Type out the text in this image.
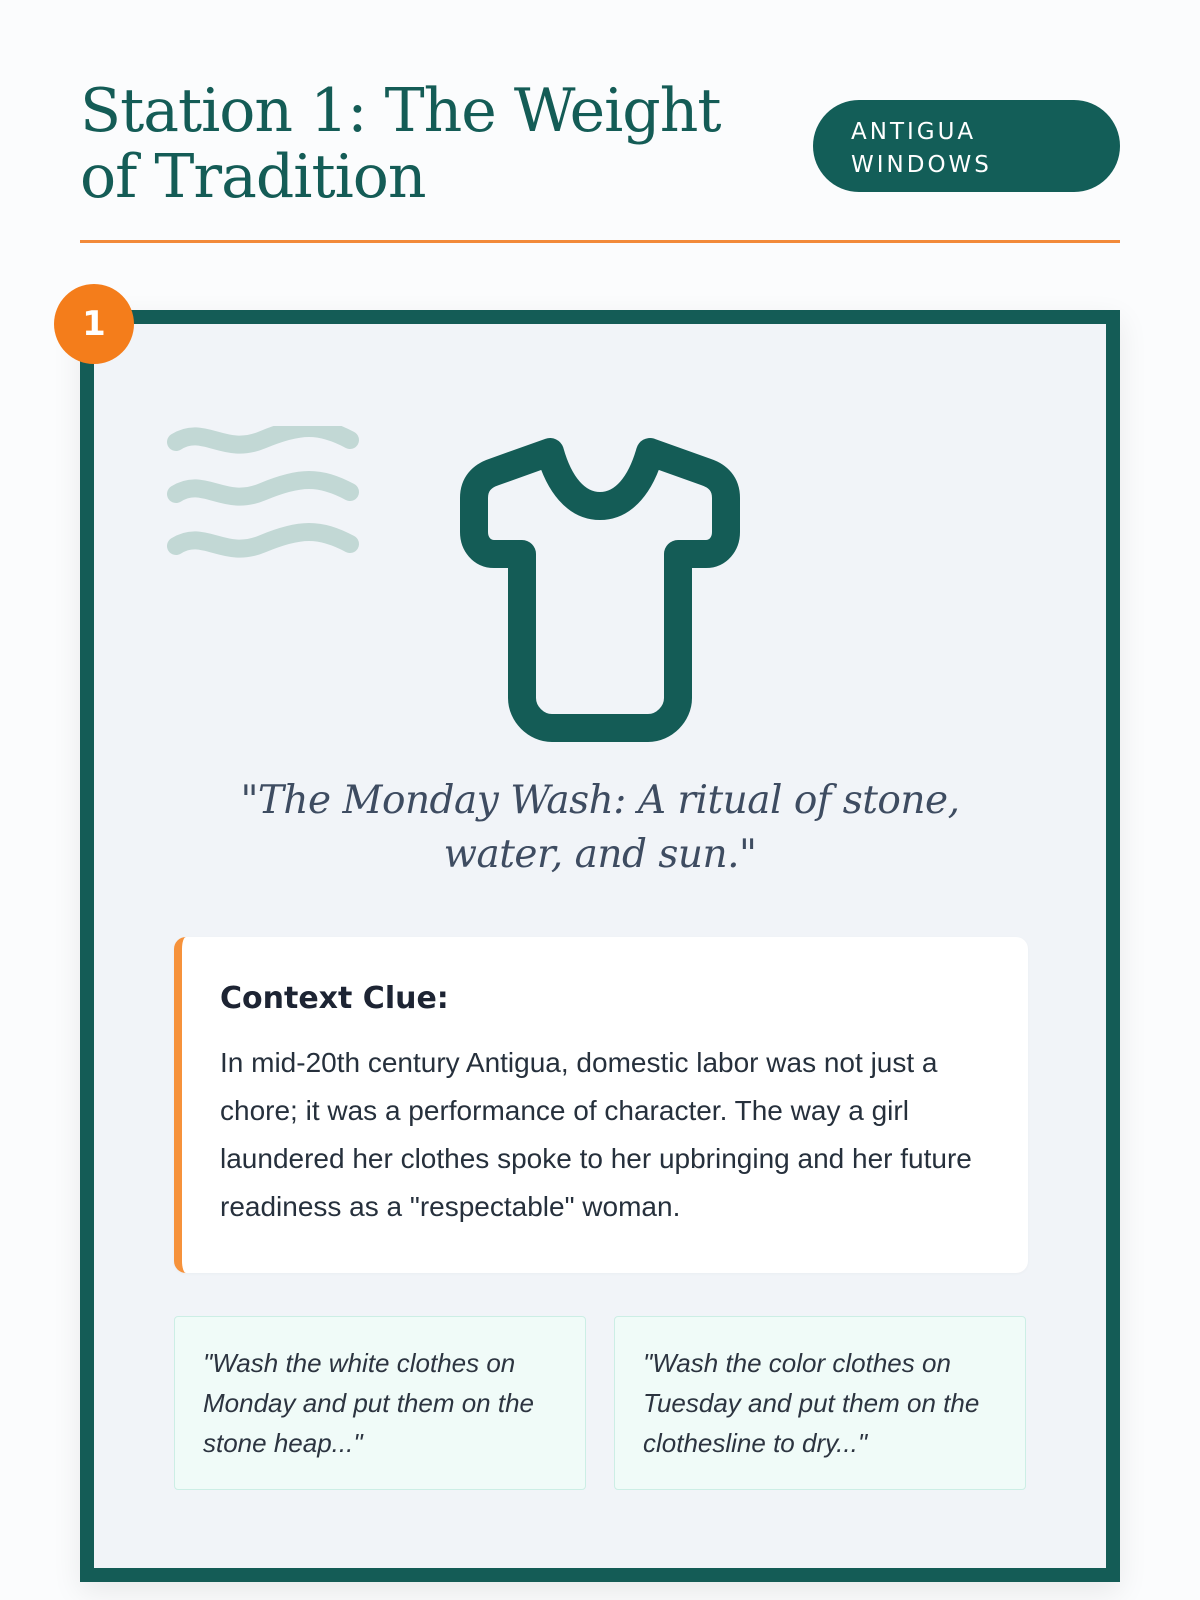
Station 1: The Weight of Tradition
ANTIGUA WINDOWS
1

"The Monday Wash: A ritual of stone, water, and sun."

Context Clue:

In mid-20th century Antigua, domestic labor was not just a chore; it was a performance of character. The way a girl laundered her clothes spoke to her upbringing and her future readiness as a "respectable" woman.

"Wash the white clothes on Monday and put them on the stone heap..."
"Wash the color clothes on Tuesday and put them on the clothesline to dry..."
